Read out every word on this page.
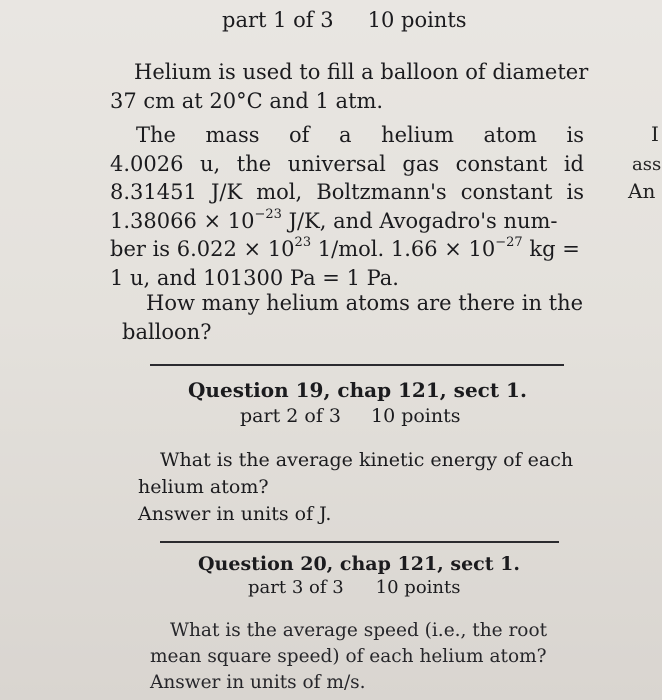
part 1 of 3 10 points
Helium is used to fill a balloon of diameter
37 cm at 20°C and 1 atm.
The mass of a helium atom is
4.0026 u, the universal gas constant id
8.31451 J/K mol, Boltzmann's constant is
$1.38066 \times 10^{-23}$ J/K, and Avogadro's num-
ber is $6.022 \times 10^{23}$ 1/mol. $1.66 \times 10^{-27}$ kg =
1 u, and 101300 Pa = 1 Pa.
How many helium atoms are there in the
balloon?
I
ass
An
Question 19, chap 121, sect 1.
part 2 of 3 10 points
What is the average kinetic energy of each
helium atom?
Answer in units of J.
Question 20, chap 121, sect 1.
part 3 of 3 10 points
What is the average speed (i.e., the root
mean square speed) of each helium atom?
Answer in units of m/s.
